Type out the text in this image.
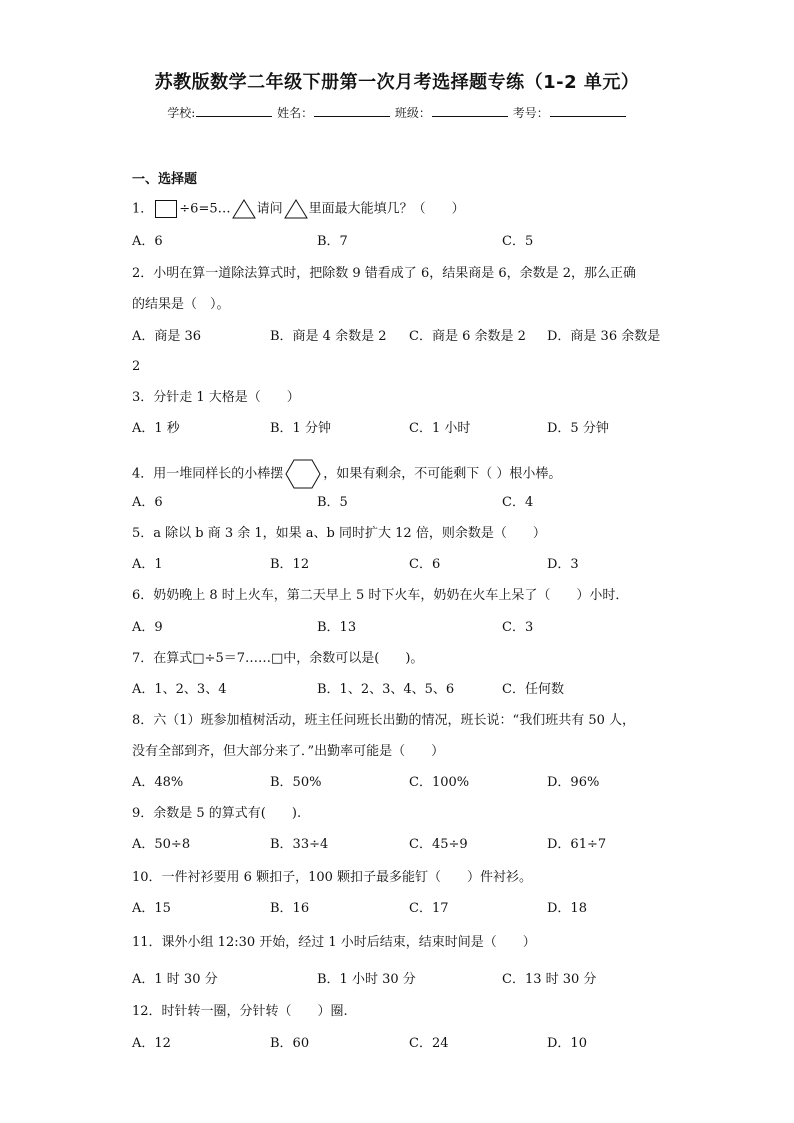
苏教版数学二年级下册第一次月考选择题专练（1-2 单元）
学校:	姓名：	班级：	考号：
一、选择题
1． ÷6=5… 请问 里面最大能填几？（　　）
A．6	B．7	C．5
2．小明在算一道除法算式时，把除数 9 错看成了 6，结果商是 6，余数是 2，那么正确
的结果是（　）。
A．商是 36	B．商是 4 余数是 2 C．商是 6 余数是 2 D．商是 36 余数是
2
3．分针走 1 大格是（　　）
A．1 秒	B．1 分钟	C．1 小时	D．5 分钟
4．用一堆同样长的小棒摆	，如果有剩余，不可能剩下（ ）根小棒。
A．6	B．5	C．4
5．a 除以 b 商 3 余 1，如果 a、b 同时扩大 12 倍，则余数是（　　）
A．1	B．12	C．6	D．3
6．奶奶晚上 8 时上火车，第二天早上 5 时下火车，奶奶在火车上呆了（　　）小时．
A．9	B．13	C．3
7．在算式□÷5＝7……□中，余数可以是(　　)。
A．1、2、3、4	B．1、2、3、4、5、6	C．任何数
8．六（1）班参加植树活动，班主任问班长出勤的情况，班长说：“我们班共有 50 人，
没有全部到齐，但大部分来了．”出勤率可能是（　　）
A．48%	B．50%	C．100%	D．96%
9．余数是 5 的算式有(　　).
A．50÷8	B．33÷4	C．45÷9	D．61÷7
10．一件衬衫要用 6 颗扣子，100 颗扣子最多能钉（　　）件衬衫。
A．15	B．16	C．17	D．18
11．课外小组 12:30 开始，经过 1 小时后结束，结束时间是（　　）
A．1 时 30 分	B．1 小时 30 分	C．13 时 30 分
12．时针转一圈，分针转（　　）圈.
A．12	B．60	C．24	D．10
